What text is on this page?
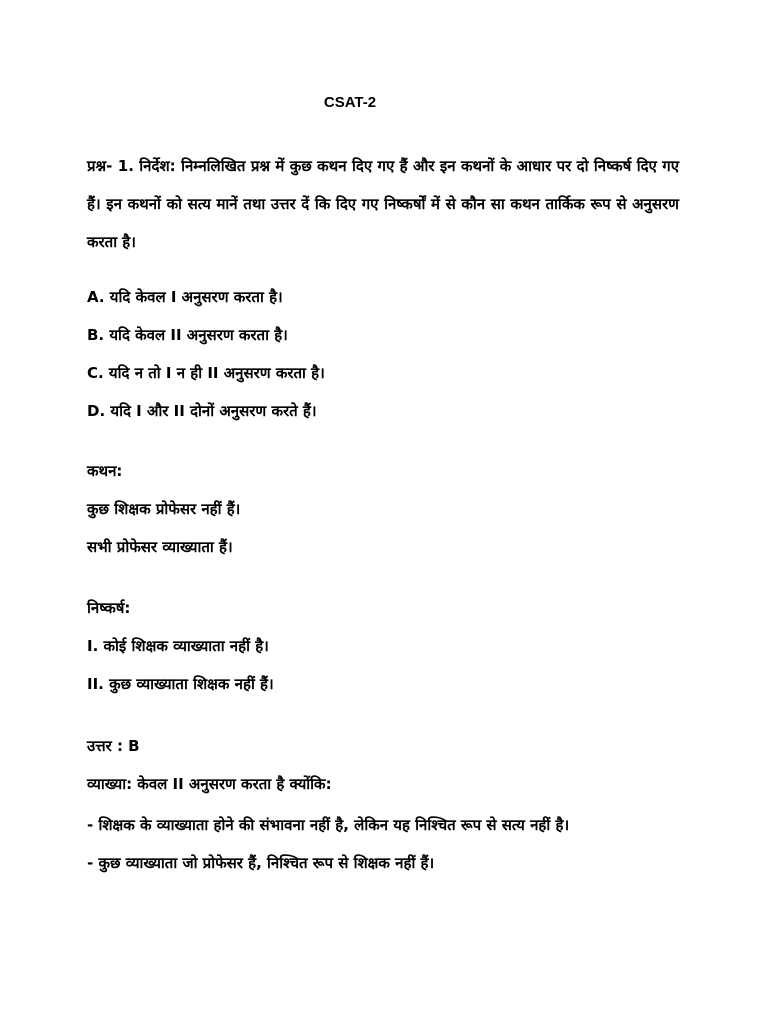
CSAT-2
प्रश्न- 1. निर्देश: निम्नलिखित प्रश्न में कुछ कथन दिए गए हैं और इन कथनों के आधार पर दो निष्कर्ष दिए गए हैं। इन कथनों को सत्य मानें तथा उत्तर दें कि दिए गए निष्कर्षों में से कौन सा कथन तार्किक रूप से अनुसरण करता है।
A. यदि केवल I अनुसरण करता है।
B. यदि केवल II अनुसरण करता है।
C. यदि न तो I न ही II अनुसरण करता है।
D. यदि I और II दोनों अनुसरण करते हैं।
कथन:
कुछ शिक्षक प्रोफेसर नहीं हैं।
सभी प्रोफेसर व्याख्याता हैं।
निष्कर्ष:
I. कोई शिक्षक व्याख्याता नहीं है।
II. कुछ व्याख्याता शिक्षक नहीं हैं।
उत्तर : B
व्याख्या: केवल II अनुसरण करता है क्योंकि:
- शिक्षक के व्याख्याता होने की संभावना नहीं है, लेकिन यह निश्चित रूप से सत्य नहीं है।
- कुछ व्याख्याता जो प्रोफेसर हैं, निश्चित रूप से शिक्षक नहीं हैं।
